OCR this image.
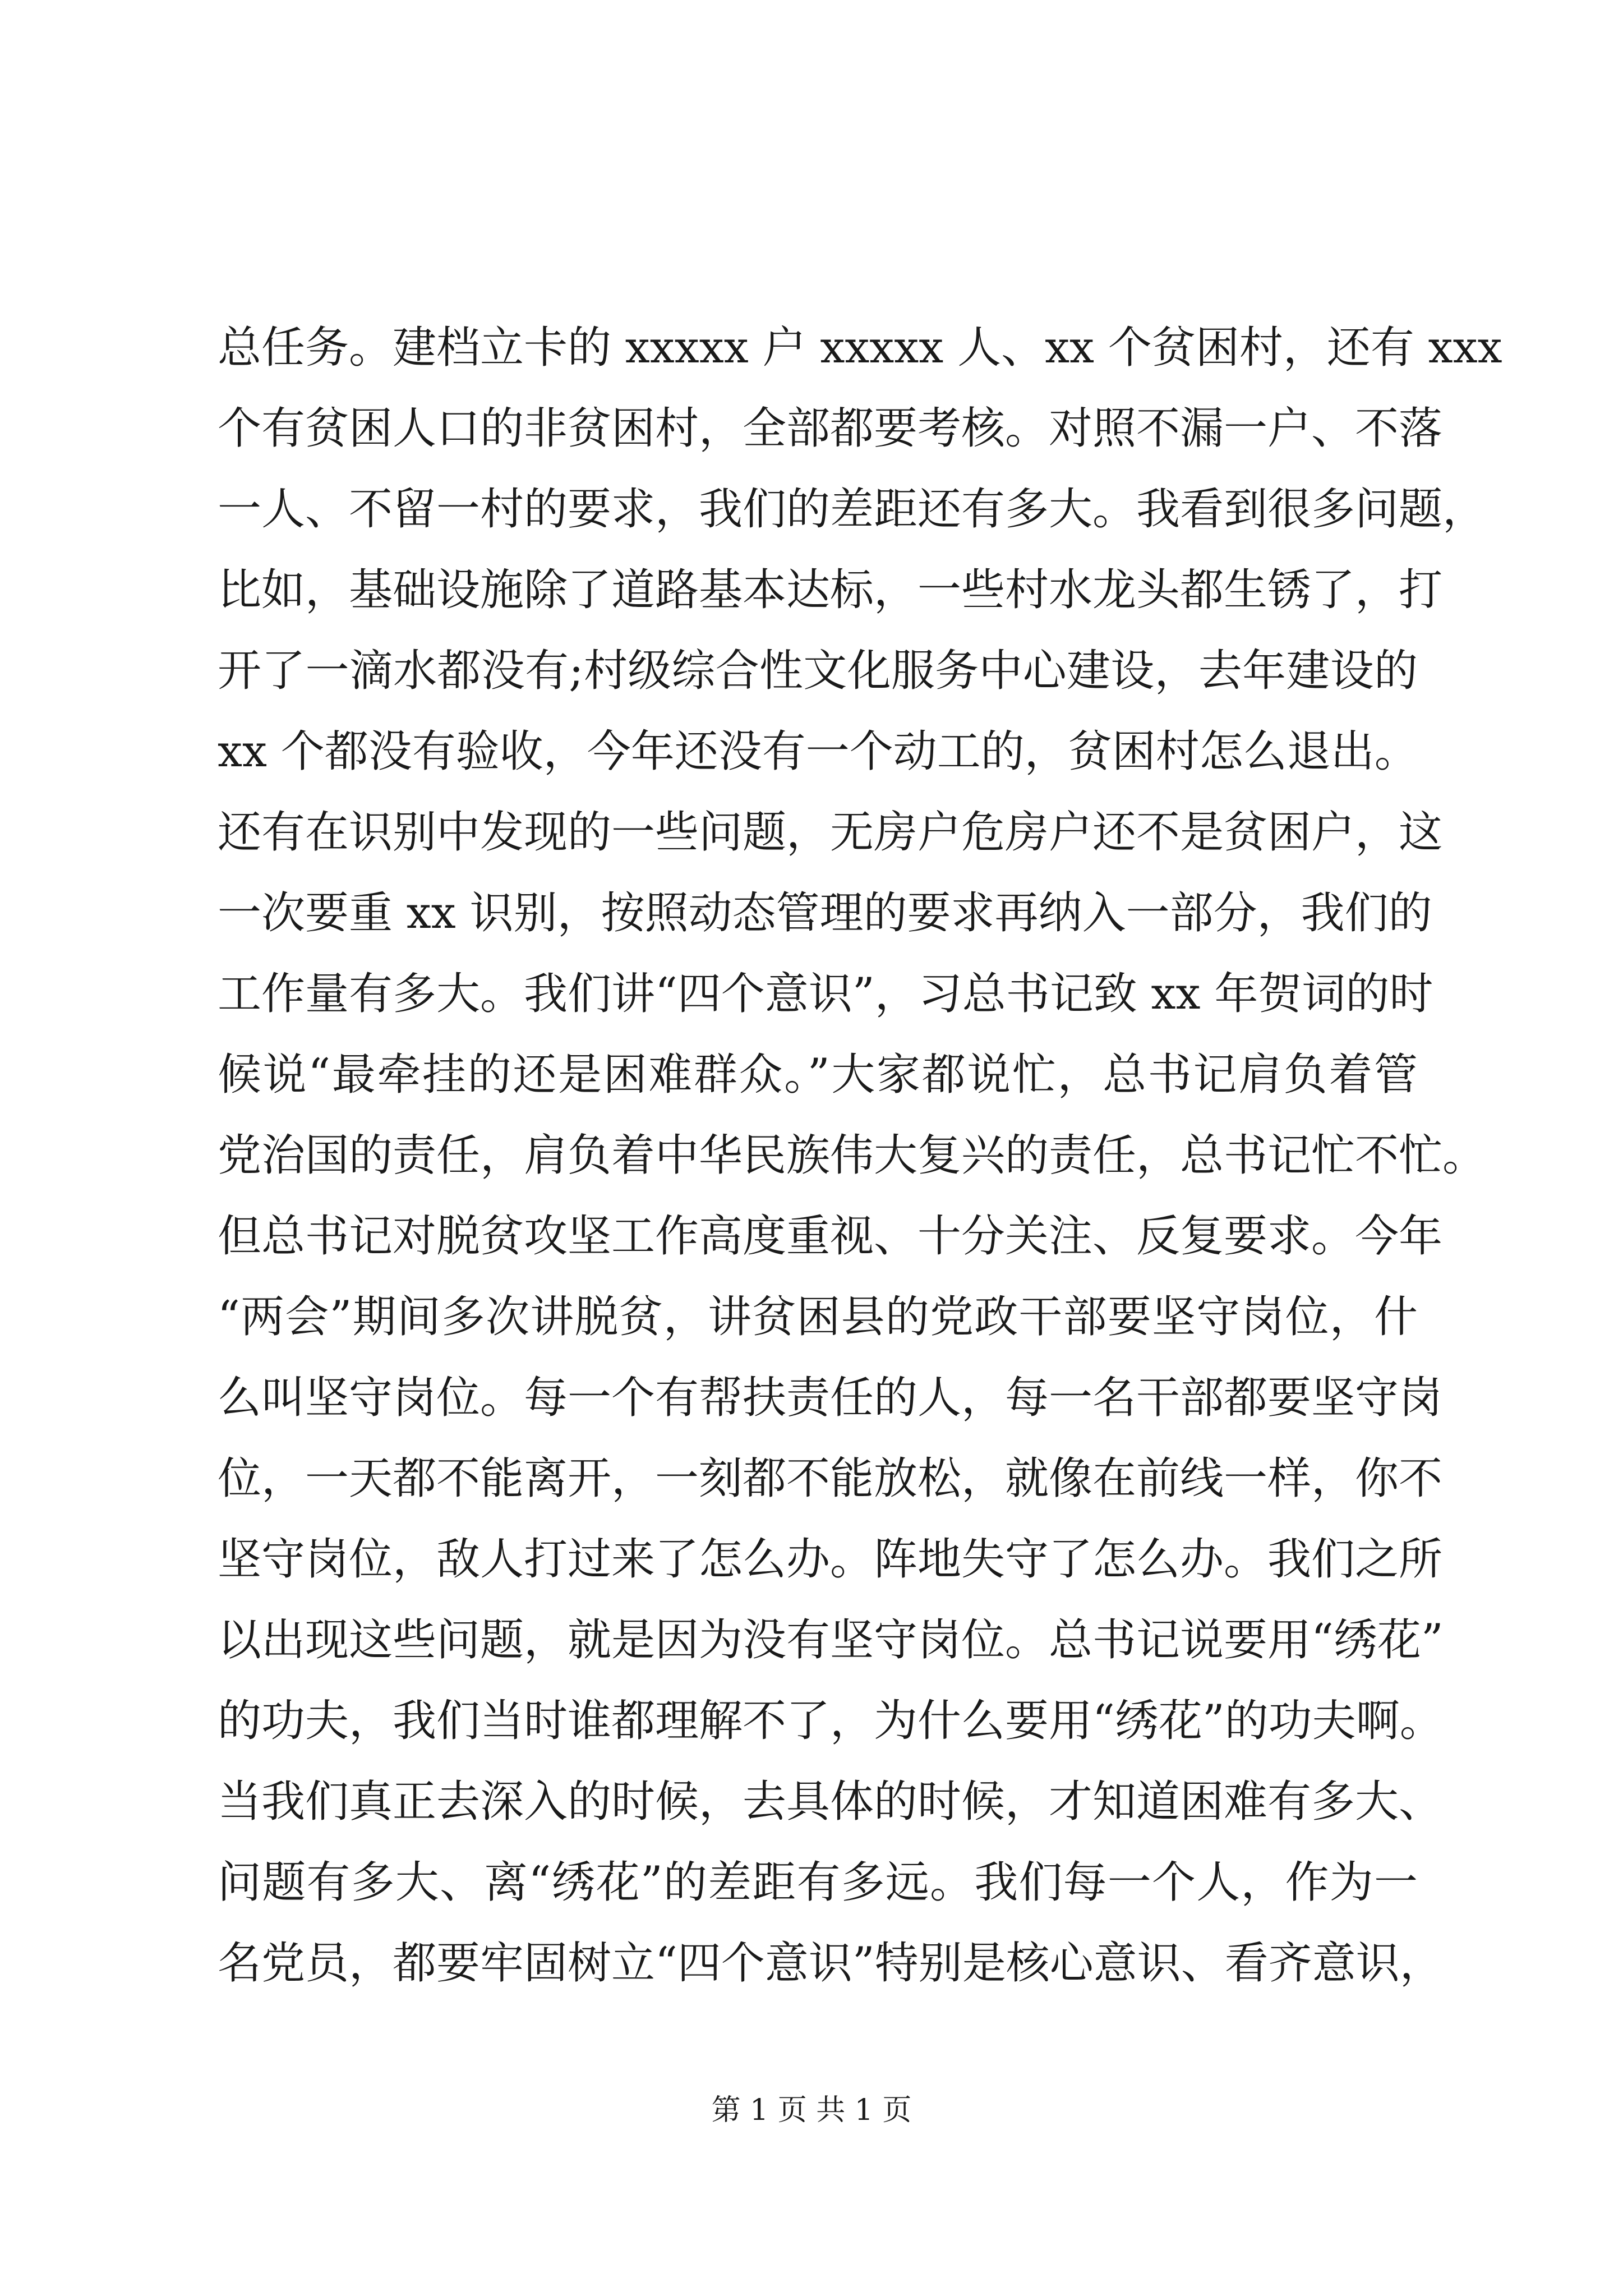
总任务。建档立卡的 xxxxx 户 xxxxx 人、xx 个贫困村，还有 xxx
个有贫困人口的非贫困村，全部都要考核。对照不漏一户、不落
一人、不留一村的要求，我们的差距还有多大。我看到很多问题，
比如，基础设施除了道路基本达标，一些村水龙头都生锈了，打
开了一滴水都没有;村级综合性文化服务中心建设，去年建设的
xx 个都没有验收，今年还没有一个动工的，贫困村怎么退出。
还有在识别中发现的一些问题，无房户危房户还不是贫困户，这
一次要重 xx 识别，按照动态管理的要求再纳入一部分，我们的
工作量有多大。我们讲“四个意识”，习总书记致 xx 年贺词的时
候说“最牵挂的还是困难群众。”大家都说忙，总书记肩负着管
党治国的责任，肩负着中华民族伟大复兴的责任，总书记忙不忙。
但总书记对脱贫攻坚工作高度重视、十分关注、反复要求。今年
“两会”期间多次讲脱贫，讲贫困县的党政干部要坚守岗位，什
么叫坚守岗位。每一个有帮扶责任的人，每一名干部都要坚守岗
位，一天都不能离开，一刻都不能放松，就像在前线一样，你不
坚守岗位，敌人打过来了怎么办。阵地失守了怎么办。我们之所
以出现这些问题，就是因为没有坚守岗位。总书记说要用“绣花”
的功夫，我们当时谁都理解不了，为什么要用“绣花”的功夫啊。
当我们真正去深入的时候，去具体的时候，才知道困难有多大、
问题有多大、离“绣花”的差距有多远。我们每一个人，作为一
名党员，都要牢固树立“四个意识”特别是核心意识、看齐意识，
第 1 页 共 1 页
